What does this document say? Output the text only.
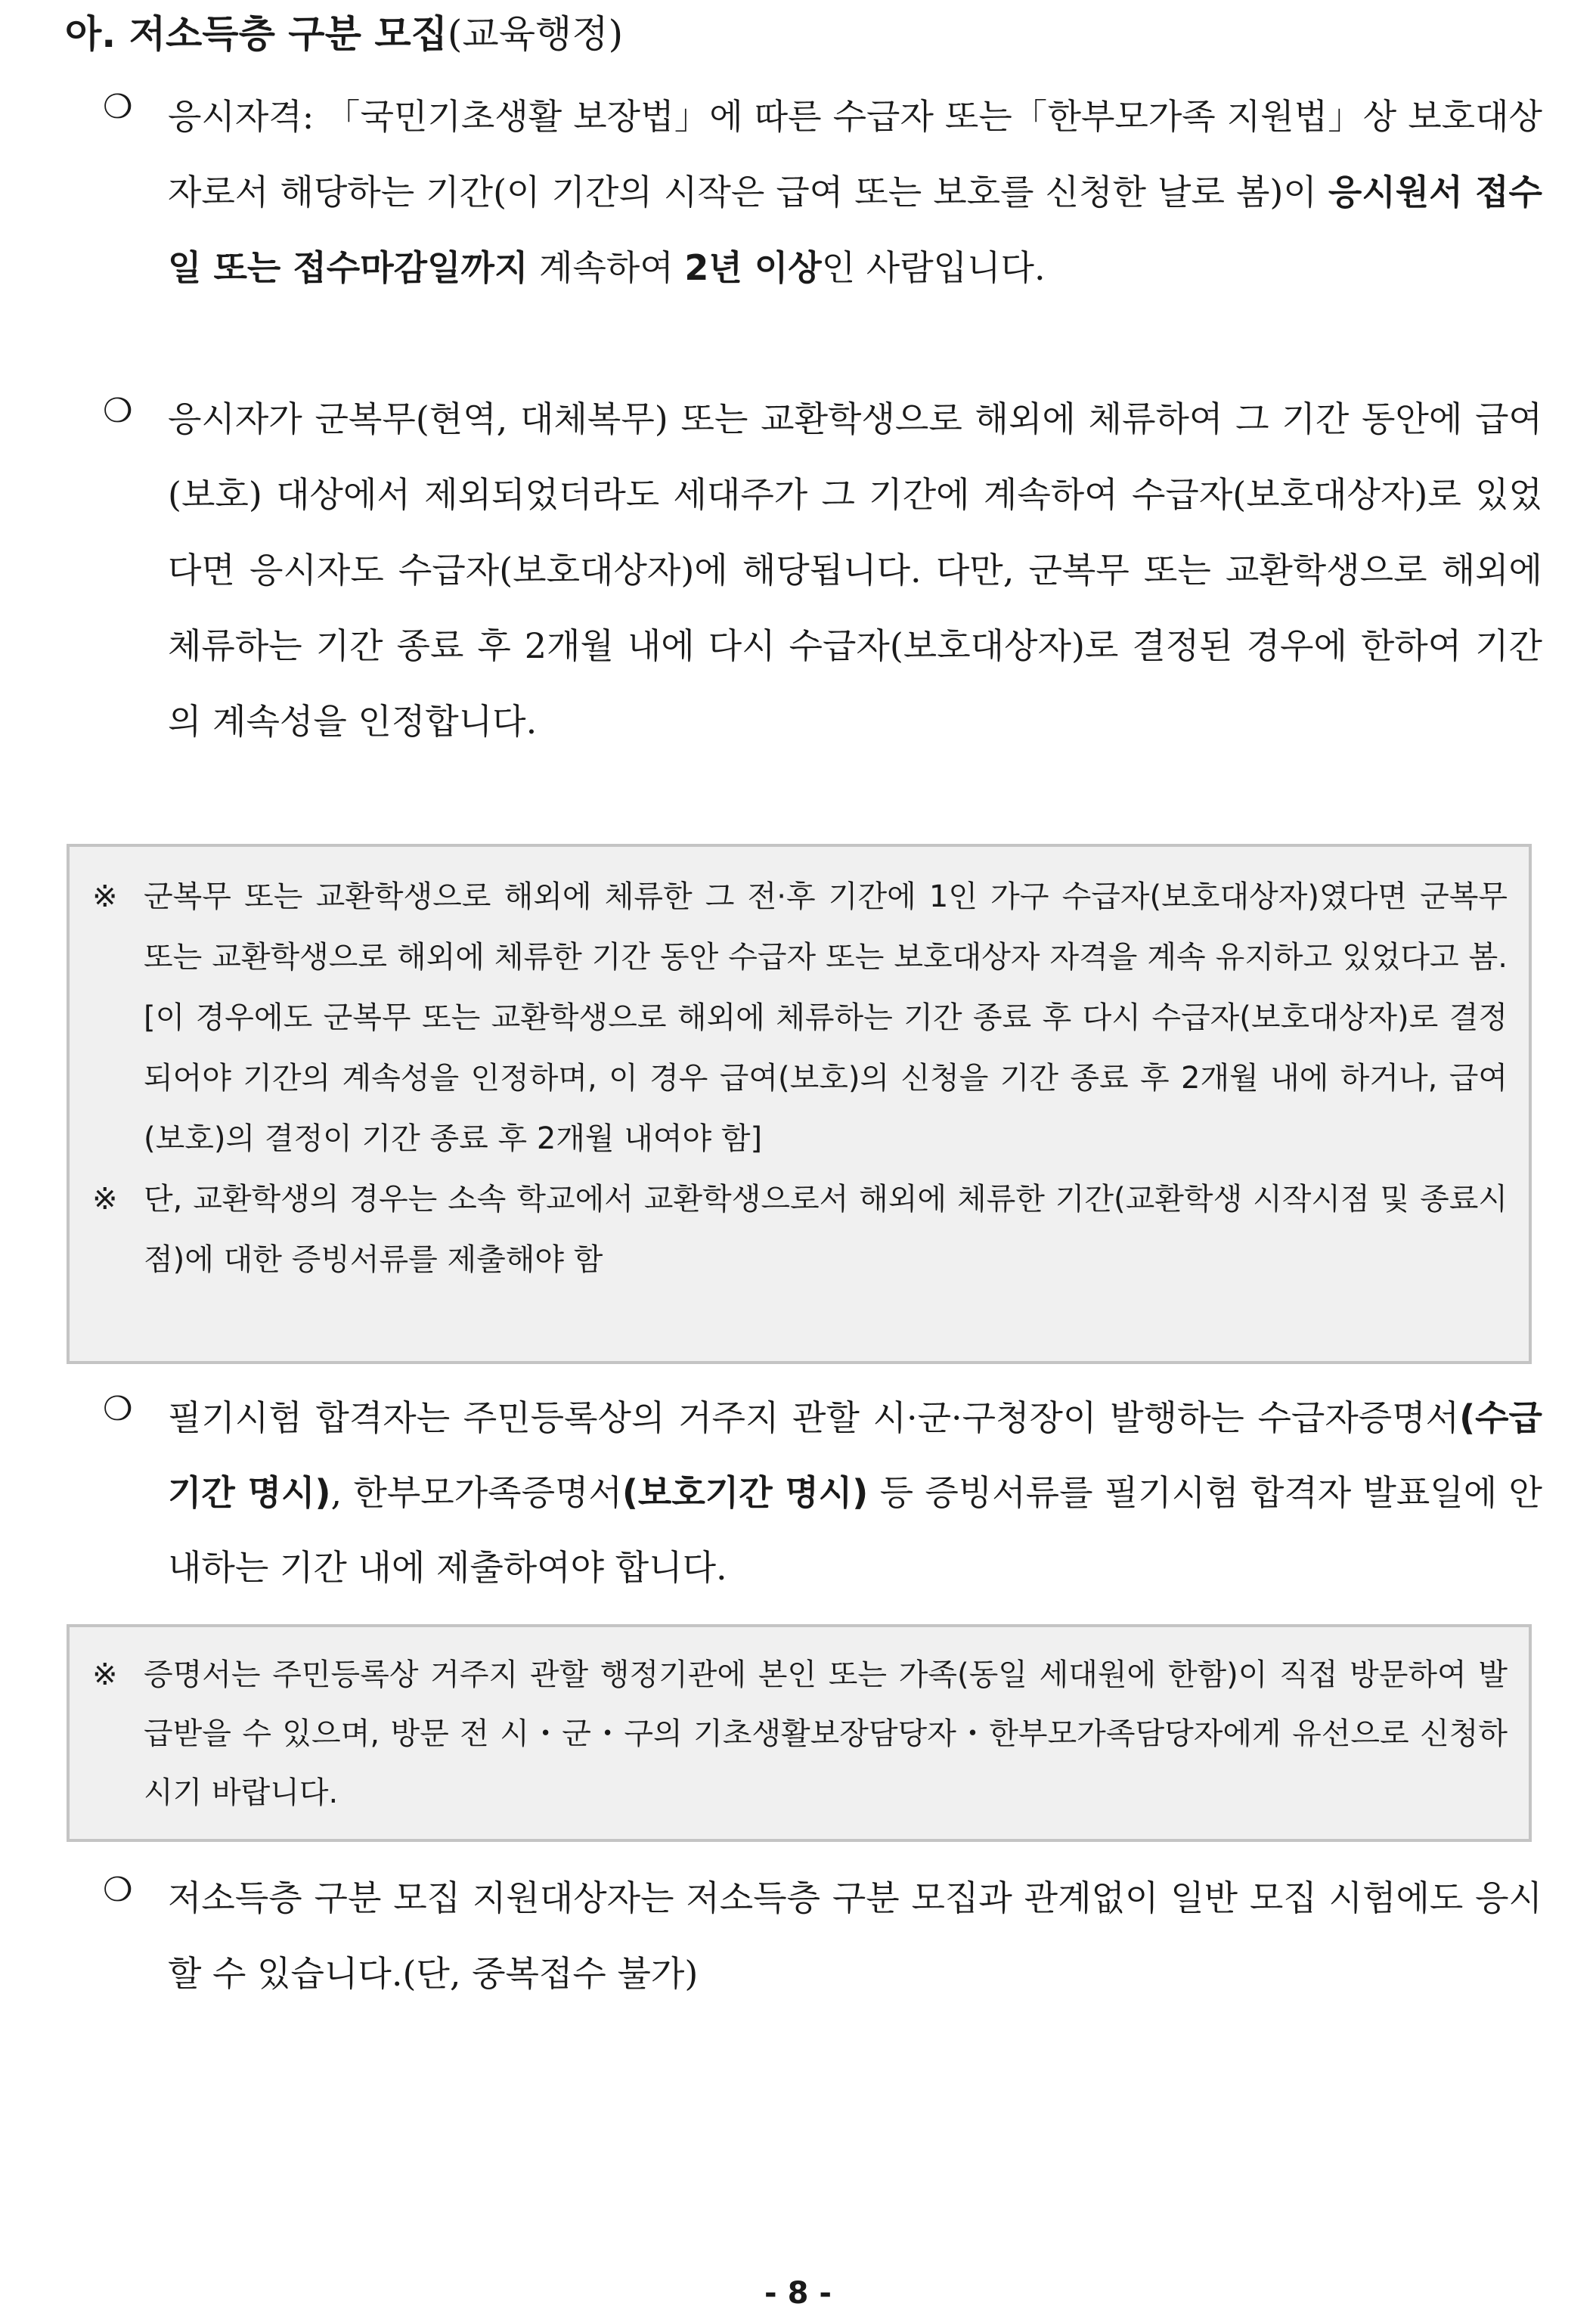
아. 저소득층 구분 모집(교육행정)
❍ 응시자격: 「국민기초생활 보장법」에 따른 수급자 또는「한부모가족 지원법」상 보호대상자로서 해당하는 기간(이 기간의 시작은 급여 또는 보호를 신청한 날로 봄)이 응시원서 접수일 또는 접수마감일까지 계속하여 2년 이상인 사람입니다.
❍ 응시자가 군복무(현역, 대체복무) 또는 교환학생으로 해외에 체류하여 그 기간 동안에 급여(보호) 대상에서 제외되었더라도 세대주가 그 기간에 계속하여 수급자(보호대상자)로 있었다면 응시자도 수급자(보호대상자)에 해당됩니다. 다만, 군복무 또는 교환학생으로 해외에 체류하는 기간 종료 후 2개월 내에 다시 수급자(보호대상자)로 결정된 경우에 한하여 기간의 계속성을 인정합니다.
※ 군복무 또는 교환학생으로 해외에 체류한 그 전·후 기간에 1인 가구 수급자(보호대상자)였다면 군복무 또는 교환학생으로 해외에 체류한 기간 동안 수급자 또는 보호대상자 자격을 계속 유지하고 있었다고 봄. [이 경우에도 군복무 또는 교환학생으로 해외에 체류하는 기간 종료 후 다시 수급자(보호대상자)로 결정되어야 기간의 계속성을 인정하며, 이 경우 급여(보호)의 신청을 기간 종료 후 2개월 내에 하거나, 급여(보호)의 결정이 기간 종료 후 2개월 내여야 함]
※ 단, 교환학생의 경우는 소속 학교에서 교환학생으로서 해외에 체류한 기간(교환학생 시작시점 및 종료시점)에 대한 증빙서류를 제출해야 함
❍ 필기시험 합격자는 주민등록상의 거주지 관할 시·군·구청장이 발행하는 수급자증명서(수급기간 명시), 한부모가족증명서(보호기간 명시) 등 증빙서류를 필기시험 합격자 발표일에 안내하는 기간 내에 제출하여야 합니다.
※ 증명서는 주민등록상 거주지 관할 행정기관에 본인 또는 가족(동일 세대원에 한함)이 직접 방문하여 발급받을 수 있으며, 방문 전 시・군・구의 기초생활보장담당자・한부모가족담당자에게 유선으로 신청하시기 바랍니다.
❍ 저소득층 구분 모집 지원대상자는 저소득층 구분 모집과 관계없이 일반 모집 시험에도 응시할 수 있습니다.(단, 중복접수 불가)
- 8 -
